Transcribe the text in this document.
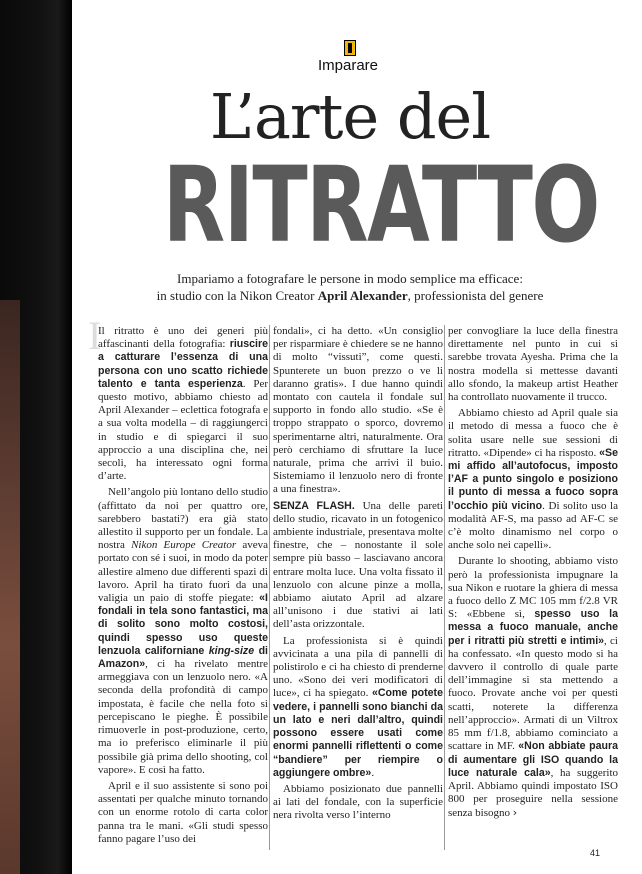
Imparare
L’arte del
RITRATTO
Impariamo a fotografare le persone in modo semplice ma efficace:
in studio con la Nikon Creator April Alexander, professionista del genere
I

Il ritratto è uno dei generi più affascinanti della fotografia: riuscire a catturare l’essenza di una persona con uno scatto richiede talento e tanta esperienza. Per questo motivo, abbiamo chiesto ad April Alexander – eclettica fotografa e a sua volta modella – di raggiungerci in studio e di spiegarci il suo approccio a una disciplina che, nei secoli, ha interessato ogni forma d’arte.

Nell’angolo più lontano dello studio (affittato da noi per quattro ore, sarebbero bastati?) era già stato allestito il supporto per un fondale. La nostra Nikon Europe Creator aveva portato con sé i suoi, in modo da poter allestire almeno due differenti spazi di lavoro. April ha tirato fuori da una valigia un paio di stoffe piegate: «I fondali in tela sono fantastici, ma di solito sono molto costosi, quindi spesso uso queste lenzuola californiane king-size di Amazon», ci ha rivelato mentre armeggiava con un lenzuolo nero. «A seconda della profondità di campo impostata, è facile che nella foto si percepiscano le pieghe. È possibile rimuoverle in post-produzione, certo, ma io preferisco eliminarle il più possibile già prima dello shooting, col vapore». E così ha fatto.

April e il suo assistente si sono poi assentati per qualche minuto tornando con un enorme rotolo di carta color panna tra le mani. «Gli studi spesso fanno pagare l’uso dei

fondali», ci ha detto. «Un consiglio per risparmiare è chiedere se ne hanno di molto “vissuti”, come questi. Spunterete un buon prezzo o ve li daranno gratis». I due hanno quindi montato con cautela il fondale sul supporto in fondo allo studio. «Se è troppo strappato o sporco, dovremo sperimentarne altri, naturalmente. Ora però cerchiamo di sfruttare la luce naturale, prima che arrivi il buio. Sistemiamo il lenzuolo nero di fronte a una finestra».

SENZA FLASH. Una delle pareti dello studio, ricavato in un fotogenico ambiente industriale, presentava molte finestre, che – nonostante il sole sempre più basso – lasciavano ancora entrare molta luce. Una volta fissato il lenzuolo con alcune pinze a molla, abbiamo aiutato April ad alzare all’unisono i due stativi ai lati dell’asta orizzontale.

La professionista si è quindi avvicinata a una pila di pannelli di polistirolo e ci ha chiesto di prenderne uno. «Sono dei veri modificatori di luce», ci ha spiegato. «Come potete vedere, i pannelli sono bianchi da un lato e neri dall’altro, quindi possono essere usati come enormi pannelli riflettenti o come “bandiere” per riempire o aggiungere ombre».

Abbiamo posizionato due pannelli ai lati del fondale, con la superficie nera rivolta verso l’interno

per convogliare la luce della finestra direttamente nel punto in cui si sarebbe trovata Ayesha. Prima che la nostra modella si mettesse davanti allo sfondo, la makeup artist Heather ha controllato nuovamente il trucco.

Abbiamo chiesto ad April quale sia il metodo di messa a fuoco che è solita usare nelle sue sessioni di ritratto. «Dipende» ci ha risposto. «Se mi affido all’autofocus, imposto l’AF a punto singolo e posiziono il punto di messa a fuoco sopra l’occhio più vicino. Di solito uso la modalità AF-S, ma passo ad AF-C se c’è molto dinamismo nel corpo o anche solo nei capelli».

Durante lo shooting, abbiamo visto però la professionista impugnare la sua Nikon e ruotare la ghiera di messa a fuoco dello Z MC 105 mm f/2.8 VR S: «Ebbene sì, spesso uso la messa a fuoco manuale, anche per i ritratti più stretti e intimi», ci ha confessato. «In questo modo si ha davvero il controllo di quale parte dell’immagine si sta mettendo a fuoco. Provate anche voi per questi scatti, noterete la differenza nell’approccio». Armati di un Viltrox 85 mm f/1.8, abbiamo cominciato a scattare in MF. «Non abbiate paura di aumentare gli ISO quando la luce naturale cala», ha suggerito April. Abbiamo quindi impostato ISO 800 per proseguire nella sessione senza bisogno ›

41
